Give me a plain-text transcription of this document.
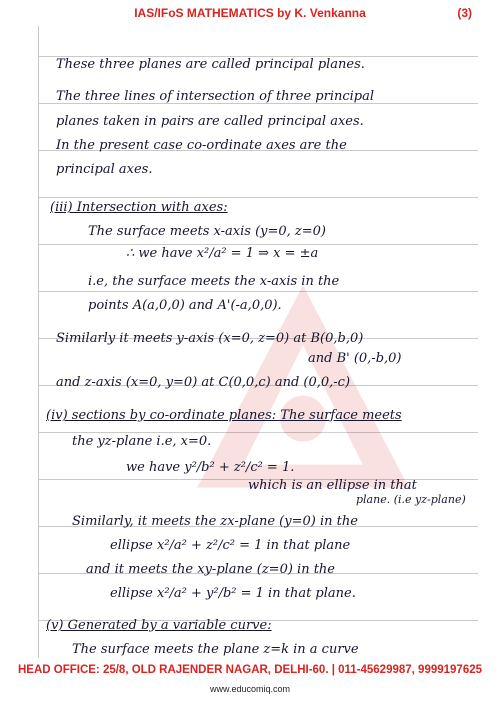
IAS/IFoS MATHEMATICS by K. Venkanna	(3)
These three planes are called principal planes.
The three lines of intersection of three principal
planes taken in pairs are called principal axes.
In the present case co-ordinate axes are the
principal axes.
(iii) Intersection with axes:
The surface meets x-axis (y=0, z=0)
∴ we have x²/a² = 1 ⇒ x = ±a
i.e, the surface meets the x-axis in the
points A(a,0,0) and A'(-a,0,0).
Similarly it meets y-axis (x=0, z=0) at B(0,b,0)
and B' (0,-b,0)
and z-axis (x=0, y=0) at C(0,0,c) and (0,0,-c)
(iv) sections by co-ordinate planes: The surface meets
the yz-plane i.e, x=0.
we have y²/b² + z²/c² = 1.
which is an ellipse in that
plane. (i.e yz-plane)
Similarly, it meets the zx-plane (y=0) in the
ellipse x²/a² + z²/c² = 1 in that plane
and it meets the xy-plane (z=0) in the
ellipse x²/a² + y²/b² = 1 in that plane.
(v) Generated by a variable curve:
The surface meets the plane z=k in a curve
HEAD OFFICE: 25/8, OLD RAJENDER NAGAR, DELHI-60. | 011-45629987, 9999197625
www.educomiq.com
